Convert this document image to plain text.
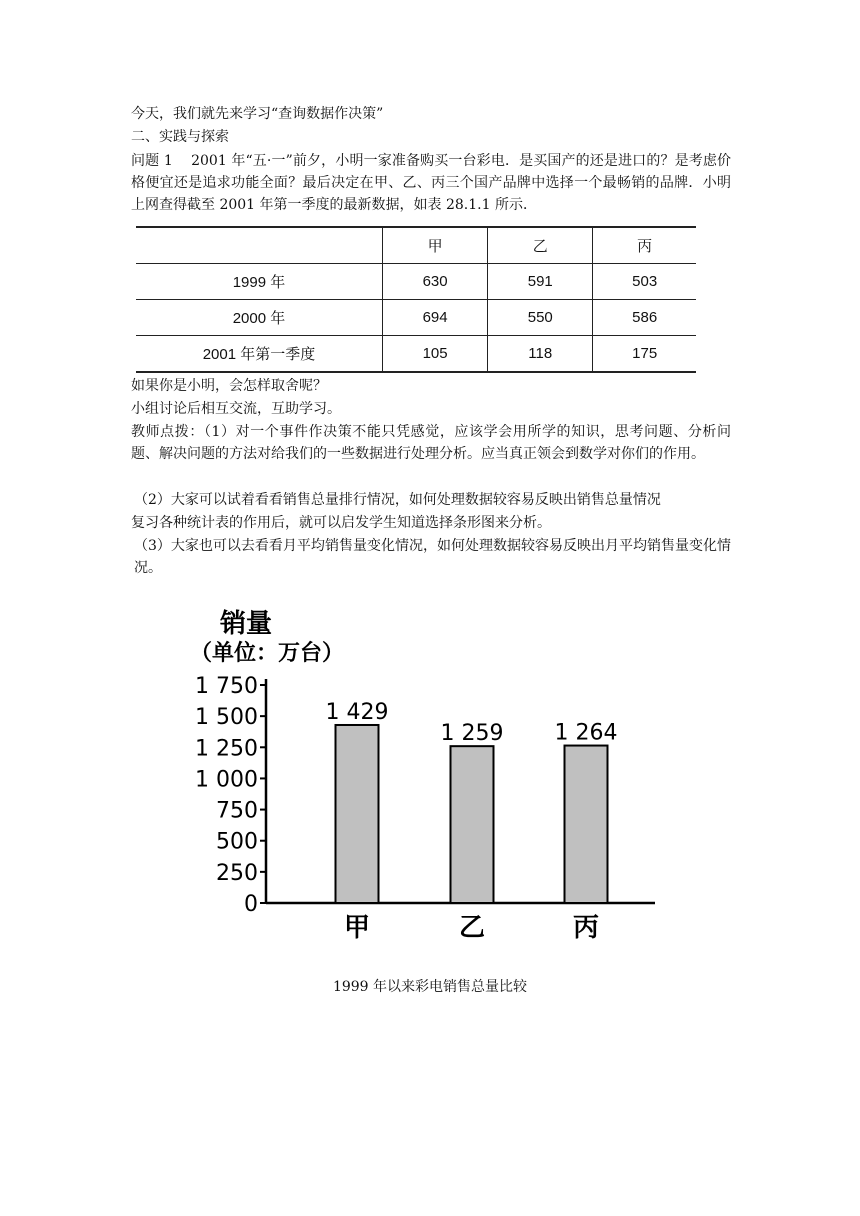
今天，我们就先来学习“查询数据作决策”

二、实践与探索

问题 1    2001 年“五·一”前夕，小明一家准备购买一台彩电．是买国产的还是进口的？是考虑价格便宜还是追求功能全面？最后决定在甲、乙、丙三个国产品牌中选择一个最畅销的品牌．小明上网查得截至 2001 年第一季度的最新数据，如表 28.1.1 所示．

	甲	乙	丙
1999 年	630	591	503
2000 年	694	550	586
2001 年第一季度	105	118	175

如果你是小明，会怎样取舍呢？

小组讨论后相互交流，互助学习。

教师点拨：（1）对一个事件作决策不能只凭感觉，应该学会用所学的知识，思考问题、分析问题、解决问题的方法对给我们的一些数据进行处理分析。应当真正领会到数学对你们的作用。

（2）大家可以试着看看销售总量排行情况，如何处理数据较容易反映出销售总量情况

复习各种统计表的作用后，就可以启发学生知道选择条形图来分析。

（3）大家也可以去看看月平均销售量变化情况，如何处理数据较容易反映出月平均销售量变化情况。

销量
（单位：万台）
0
250
500
750
1 000
1 250
1 500
1 750
1 429
甲
1 259
乙
1 264
丙

1999 年以来彩电销售总量比较
